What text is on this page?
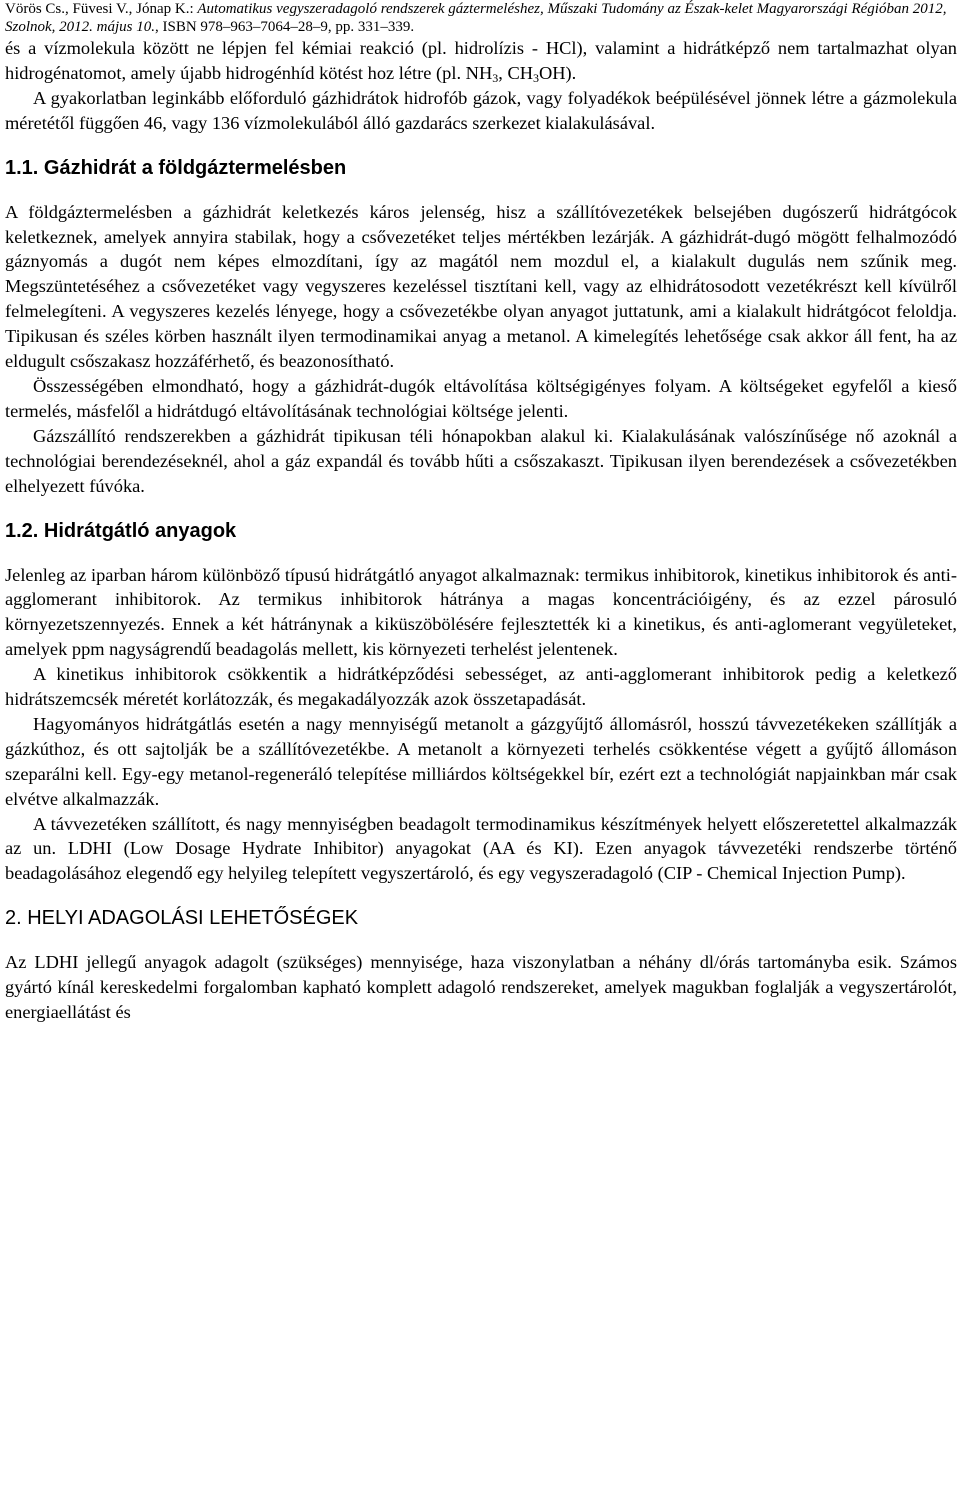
Vörös Cs., Füvesi V., Jónap K.: Automatikus vegyszeradagoló rendszerek gáztermeléshez, Műszaki Tudomány az Észak-kelet Magyarországi Régióban 2012, Szolnok, 2012. május 10., ISBN 978–963–7064–28–9, pp. 331–339.

és a vízmolekula között ne lépjen fel kémiai reakció (pl. hidrolízis - HCl), valamint a hidrátképző nem tartalmazhat olyan hidrogénatomot, amely újabb hidrogénhíd kötést hoz létre (pl. $NH_3$, $CH_3OH$).

A gyakorlatban leginkább előforduló gázhidrátok hidrofób gázok, vagy folyadékok beépülésével jönnek létre a gázmolekula méretétől függően 46, vagy 136 vízmolekulából álló gazdarács szerkezet kialakulásával.

1.1. Gázhidrát a földgáztermelésben

A földgáztermelésben a gázhidrát keletkezés káros jelenség, hisz a szállítóvezetékek belsejében dugószerű hidrátgócok keletkeznek, amelyek annyira stabilak, hogy a csővezetéket teljes mértékben lezárják. A gázhidrát-dugó mögött felhalmozódó gáznyomás a dugót nem képes elmozdítani, így az magától nem mozdul el, a kialakult dugulás nem szűnik meg. Megszüntetéséhez a csővezetéket vagy vegyszeres kezeléssel tisztítani kell, vagy az elhidrátosodott vezetékrészt kell kívülről felmelegíteni. A vegyszeres kezelés lényege, hogy a csővezetékbe olyan anyagot juttatunk, ami a kialakult hidrátgócot feloldja. Tipikusan és széles körben használt ilyen termodinamikai anyag a metanol. A kimelegítés lehetősége csak akkor áll fent, ha az eldugult csőszakasz hozzáférhető, és beazonosítható.

Összességében elmondható, hogy a gázhidrát-dugók eltávolítása költségigényes folyam. A költségeket egyfelől a kieső termelés, másfelől a hidrátdugó eltávolításának technológiai költsége jelenti.

Gázszállító rendszerekben a gázhidrát tipikusan téli hónapokban alakul ki. Kialakulásának valószínűsége nő azoknál a technológiai berendezéseknél, ahol a gáz expandál és tovább hűti a csőszakaszt. Tipikusan ilyen berendezések a csővezetékben elhelyezett fúvóka.

1.2. Hidrátgátló anyagok

Jelenleg az iparban három különböző típusú hidrátgátló anyagot alkalmaznak: termikus inhibitorok, kinetikus inhibitorok és anti-agglomerant inhibitorok. Az termikus inhibitorok hátránya a magas koncentrációigény, és az ezzel párosuló környezetszennyezés. Ennek a két hátránynak a kiküszöbölésére fejlesztették ki a kinetikus, és anti-aglomerant vegyületeket, amelyek ppm nagyságrendű beadagolás mellett, kis környezeti terhelést jelentenek.

A kinetikus inhibitorok csökkentik a hidrátképződési sebességet, az anti-agglomerant inhibitorok pedig a keletkező hidrátszemcsék méretét korlátozzák, és megakadályozzák azok összetapadását.

Hagyományos hidrátgátlás esetén a nagy mennyiségű metanolt a gázgyűjtő állomásról, hosszú távvezetékeken szállítják a gázkúthoz, és ott sajtolják be a szállítóvezetékbe. A metanolt a környezeti terhelés csökkentése végett a gyűjtő állomáson szeparálni kell. Egy-egy metanol-regeneráló telepítése milliárdos költségekkel bír, ezért ezt a technológiát napjainkban már csak elvétve alkalmazzák.

A távvezetéken szállított, és nagy mennyiségben beadagolt termodinamikus készítmények helyett előszeretettel alkalmazzák az un. LDHI (Low Dosage Hydrate Inhibitor) anyagokat (AA és KI). Ezen anyagok távvezetéki rendszerbe történő beadagolásához elegendő egy helyileg telepített vegyszertároló, és egy vegyszeradagoló (CIP - Chemical Injection Pump).

2. HELYI ADAGOLÁSI LEHETŐSÉGEK

Az LDHI jellegű anyagok adagolt (szükséges) mennyisége, haza viszonylatban a néhány dl/órás tartományba esik. Számos gyártó kínál kereskedelmi forgalomban kapható komplett adagoló rendszereket, amelyek magukban foglalják a vegyszertárolót, energiaellátást és
